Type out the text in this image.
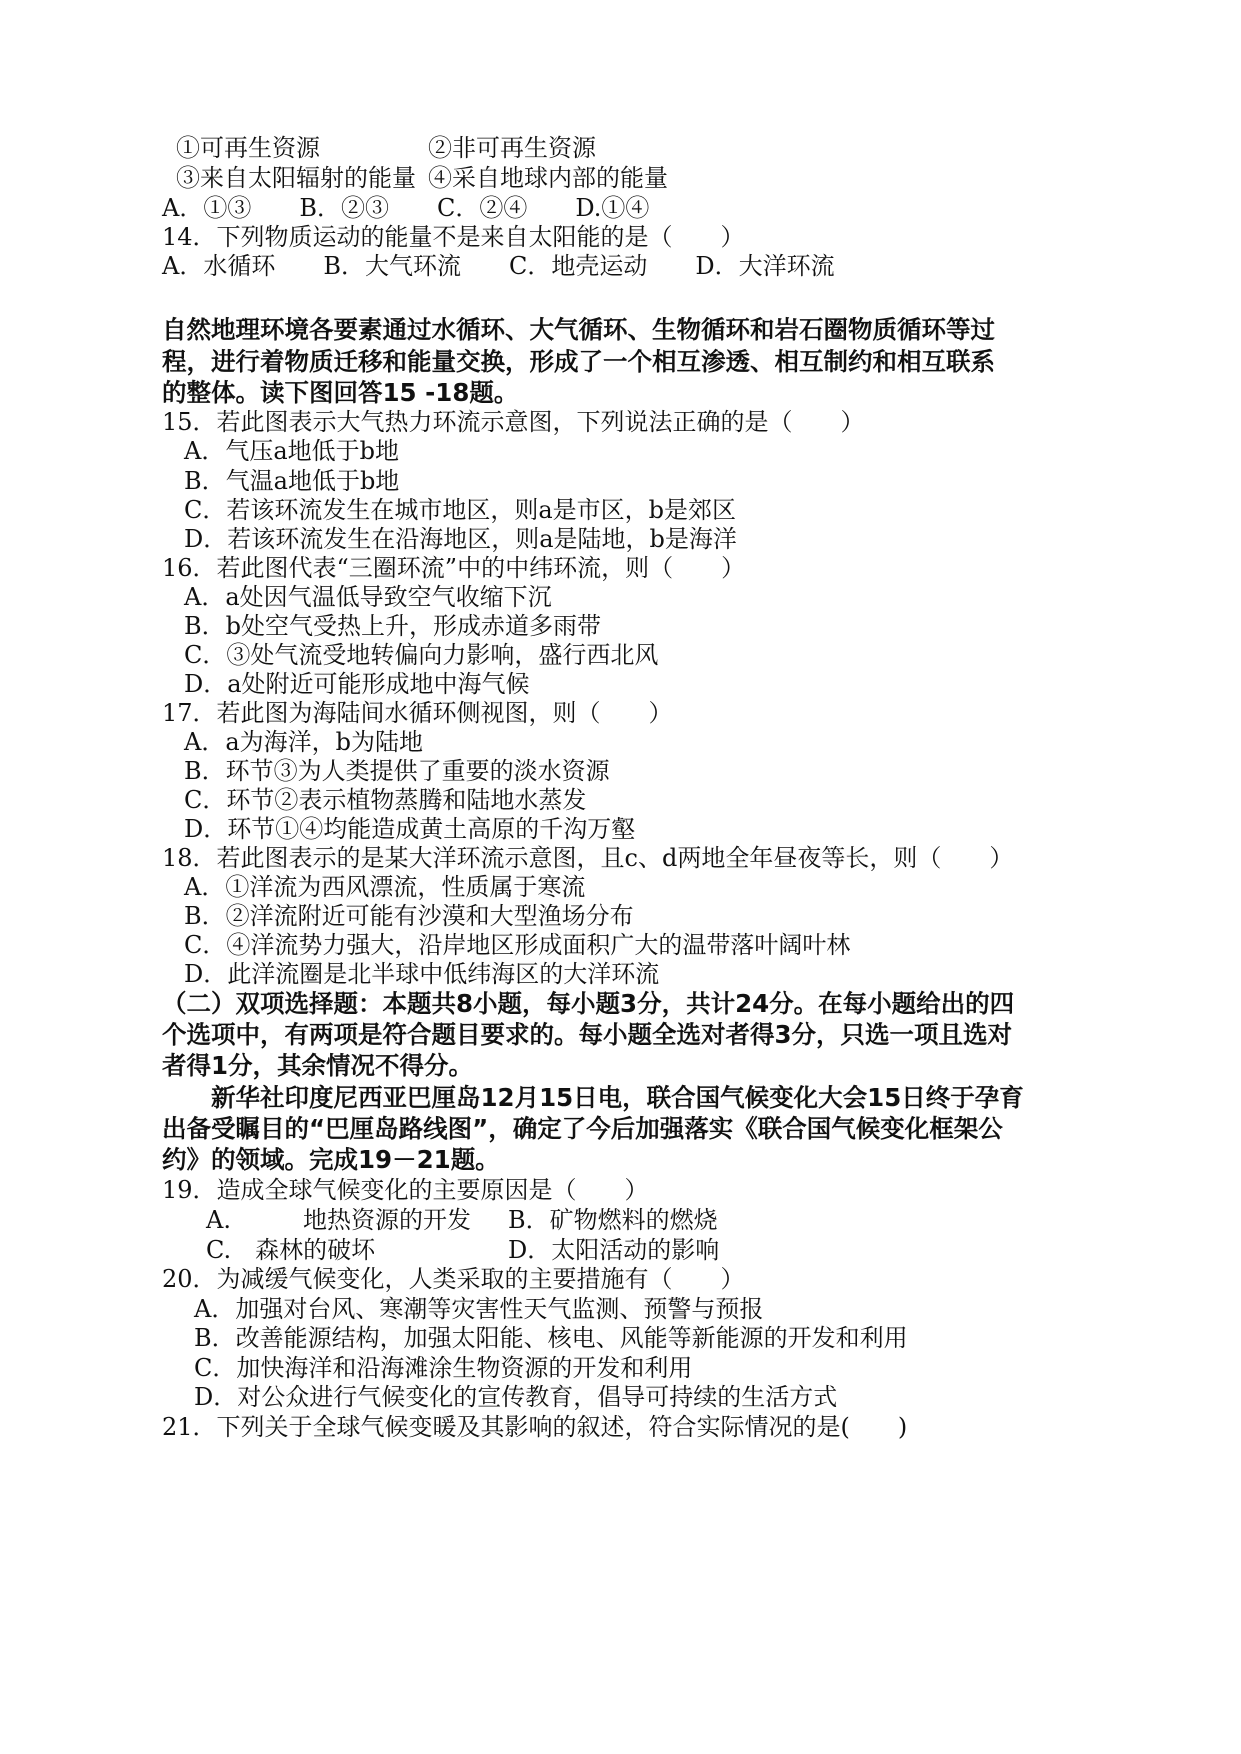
①可再生资源	②非可再生资源
③来自太阳辐射的能量 ④采自地球内部的能量
A．①③　　B．②③　　C．②④　　D.①④
14．下列物质运动的能量不是来自太阳能的是（　　）
A．水循环　　B．大气环流　　C．地壳运动　　D．大洋环流
自然地理环境各要素通过水循环、大气循环、生物循环和岩石圈物质循环等过
程，进行着物质迁移和能量交换，形成了一个相互渗透、相互制约和相互联系
的整体。读下图回答15 -18题。
15．若此图表示大气热力环流示意图，下列说法正确的是（　　）
A．气压a地低于b地
B．气温a地低于b地
C．若该环流发生在城市地区，则a是市区，b是郊区
D．若该环流发生在沿海地区，则a是陆地，b是海洋
16．若此图代表“三圈环流”中的中纬环流，则（　　）
A．a处因气温低导致空气收缩下沉
B．b处空气受热上升，形成赤道多雨带
C．③处气流受地转偏向力影响，盛行西北风
D．a处附近可能形成地中海气候
17．若此图为海陆间水循环侧视图，则（　　）
A．a为海洋，b为陆地
B．环节③为人类提供了重要的淡水资源
C．环节②表示植物蒸腾和陆地水蒸发
D．环节①④均能造成黄土高原的千沟万壑
18．若此图表示的是某大洋环流示意图，且c、d两地全年昼夜等长，则（　　）
A．①洋流为西风漂流，性质属于寒流
B．②洋流附近可能有沙漠和大型渔场分布
C．④洋流势力强大，沿岸地区形成面积广大的温带落叶阔叶林
D．此洋流圈是北半球中低纬海区的大洋环流
（二）双项选择题：本题共8小题，每小题3分，共计24分。在每小题给出的四
个选项中，有两项是符合题目要求的。每小题全选对者得3分，只选一项且选对
者得1分，其余情况不得分。
　　新华社印度尼西亚巴厘岛12月15日电，联合国气候变化大会15日终于孕育
出备受瞩目的“巴厘岛路线图”，确定了今后加强落实《联合国气候变化框架公
约》的领域。完成19－21题。
19．造成全球气候变化的主要原因是（　　）
A.　　　地热资源的开发 B．矿物燃料的燃烧
C.　森林的破坏	D．太阳活动的影响
20．为减缓气候变化，人类采取的主要措施有（　　）
A．加强对台风、寒潮等灾害性天气监测、预警与预报
B．改善能源结构，加强太阳能、核电、风能等新能源的开发和利用
C．加快海洋和沿海滩涂生物资源的开发和利用
D．对公众进行气候变化的宣传教育，倡导可持续的生活方式
21．下列关于全球气候变暖及其影响的叙述，符合实际情况的是(　　)
